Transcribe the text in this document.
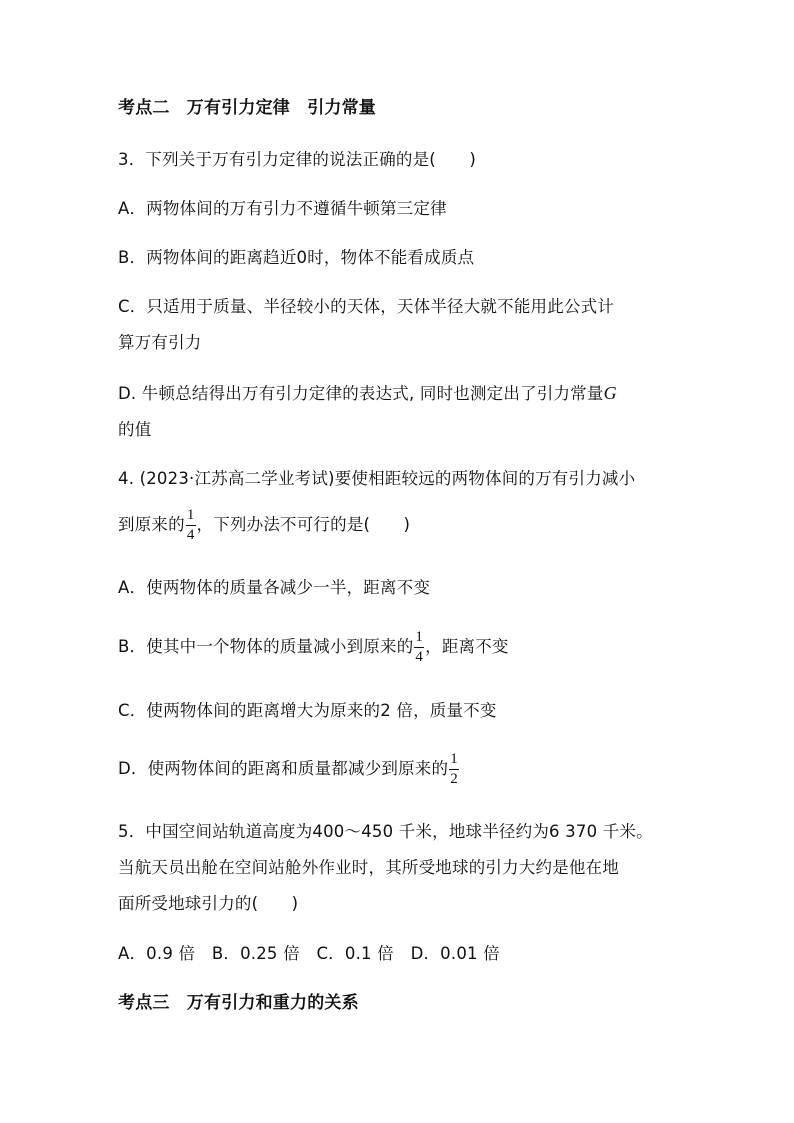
考点二　万有引力定律　引力常量
3．下列关于万有引力定律的说法正确的是(　　)
A．两物体间的万有引力不遵循牛顿第三定律
B．两物体间的距离趋近0时，物体不能看成质点
C．只适用于质量、半径较小的天体，天体半径大就不能用此公式计
算万有引力
D. 牛顿总结得出万有引力定律的表达式, 同时也测定出了引力常量G
的值
4. (2023·江苏高二学业考试)要使相距较远的两物体间的万有引力减小
到原来的 $\frac{1}{4}$ ，下列办法不可行的是(　　)
A．使两物体的质量各减少一半，距离不变
B．使其中一个物体的质量减小到原来的 $\frac{1}{4}$ ，距离不变
C．使两物体间的距离增大为原来的2 倍，质量不变
D．使两物体间的距离和质量都减少到原来的 $\frac{1}{2}$
5．中国空间站轨道高度为400～450 千米，地球半径约为6 370 千米。
当航天员出舱在空间站舱外作业时，其所受地球的引力大约是他在地
面所受地球引力的(　　)
A．0.9 倍　B．0.25 倍　C．0.1 倍　D．0.01 倍
考点三　万有引力和重力的关系
